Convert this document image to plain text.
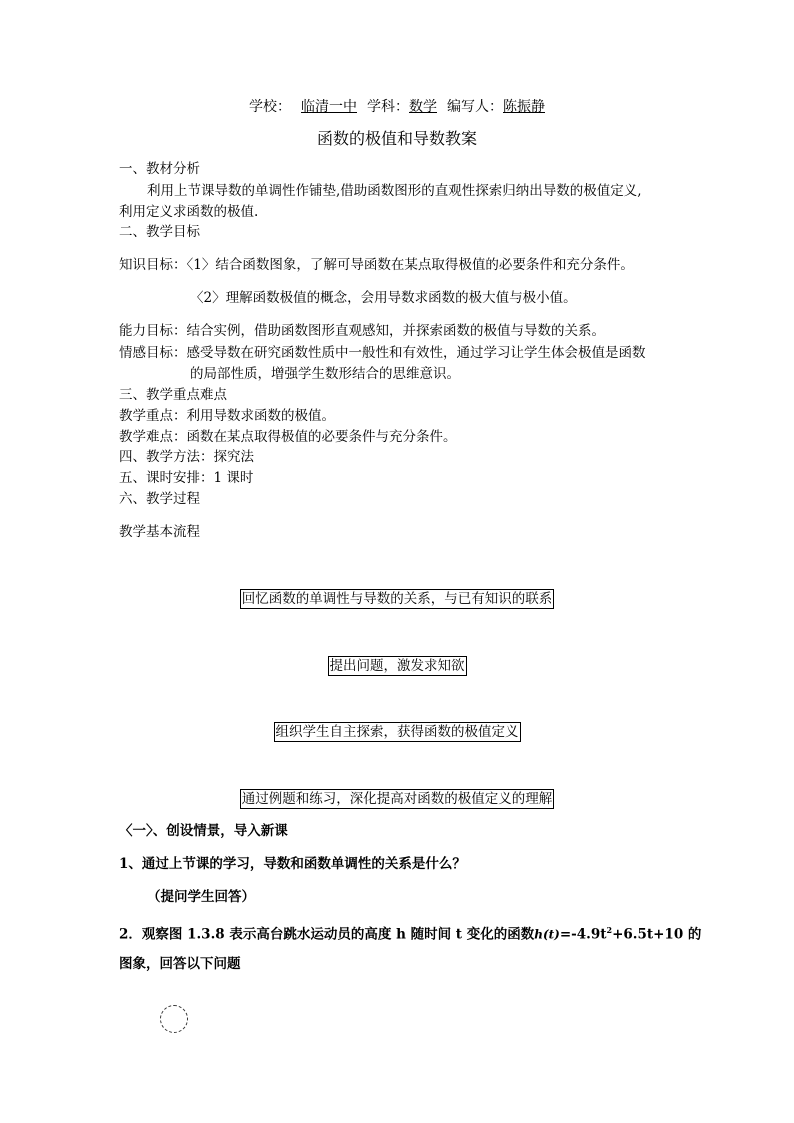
学校： 临清一中 学科：数学 编写人：陈振静
函数的极值和导数教案
一、教材分析
利用上节课导数的单调性作铺垫,借助函数图形的直观性探索归纳出导数的极值定义,
利用定义求函数的极值.
二、教学目标
知识目标：〈1〉结合函数图象，了解可导函数在某点取得极值的必要条件和充分条件。
〈2〉理解函数极值的概念，会用导数求函数的极大值与极小值。
能力目标：结合实例，借助函数图形直观感知，并探索函数的极值与导数的关系。
情感目标：感受导数在研究函数性质中一般性和有效性，通过学习让学生体会极值是函数
的局部性质，增强学生数形结合的思维意识。
三、教学重点难点
教学重点：利用导数求函数的极值。
教学难点：函数在某点取得极值的必要条件与充分条件。
四、教学方法：探究法
五、课时安排：1 课时
六、教学过程
教学基本流程
回忆函数的单调性与导数的关系，与已有知识的联系
提出问题，激发求知欲
组织学生自主探索，获得函数的极值定义
通过例题和练习，深化提高对函数的极值定义的理解
〈一〉、创设情景，导入新课
1、通过上节课的学习，导数和函数单调性的关系是什么？
（提问学生回答）
2．观察图 1.3.8 表示高台跳水运动员的高度 h 随时间 t 变化的函数$h(t)=-4.9t^2+6.5t+10$ 的
图象，回答以下问题
